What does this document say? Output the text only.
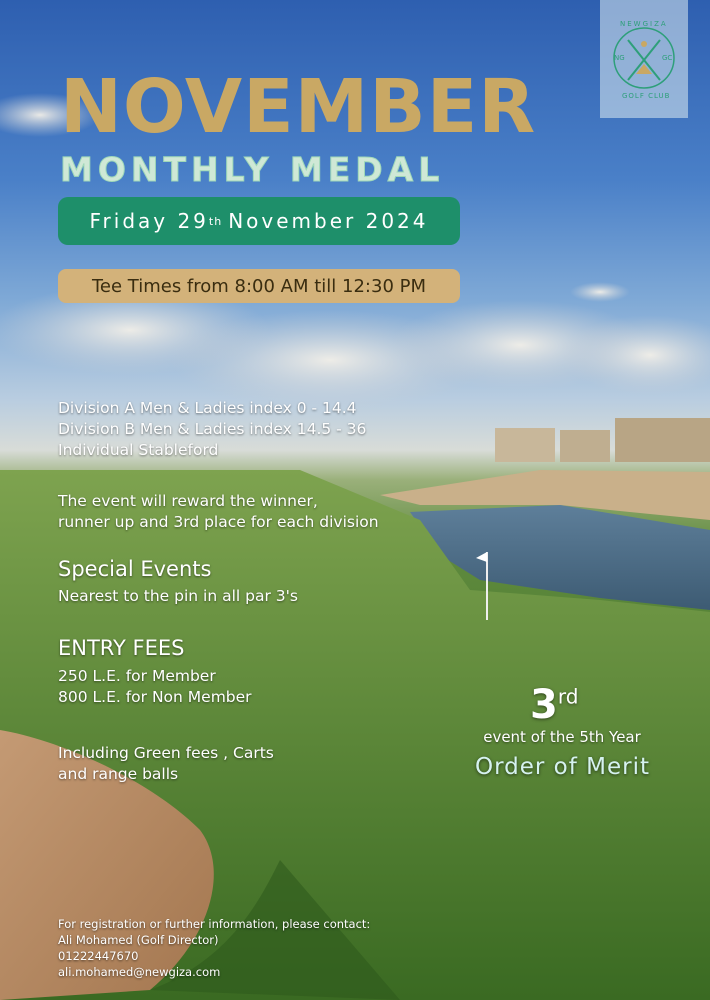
NEWGIZA
NG	GC
GOLF CLUB
NOVEMBER
MONTHLY MEDAL
Friday 29 th November 2024
Tee Times from 8:00 AM till 12:30 PM
Division A Men & Ladies index 0 - 14.4
Division B Men & Ladies index 14.5 - 36
Individual Stableford
The event will reward the winner,
runner up and 3rd place for each division
Special Events
Nearest to the pin in all par 3's
ENTRY FEES
250 L.E. for Member
800 L.E. for Non Member
Including Green fees , Carts
and range balls
3rd
event of the 5th Year
Order of Merit
For registration or further information, please contact:
Ali Mohamed (Golf Director)
01222447670
ali.mohamed@newgiza.com
